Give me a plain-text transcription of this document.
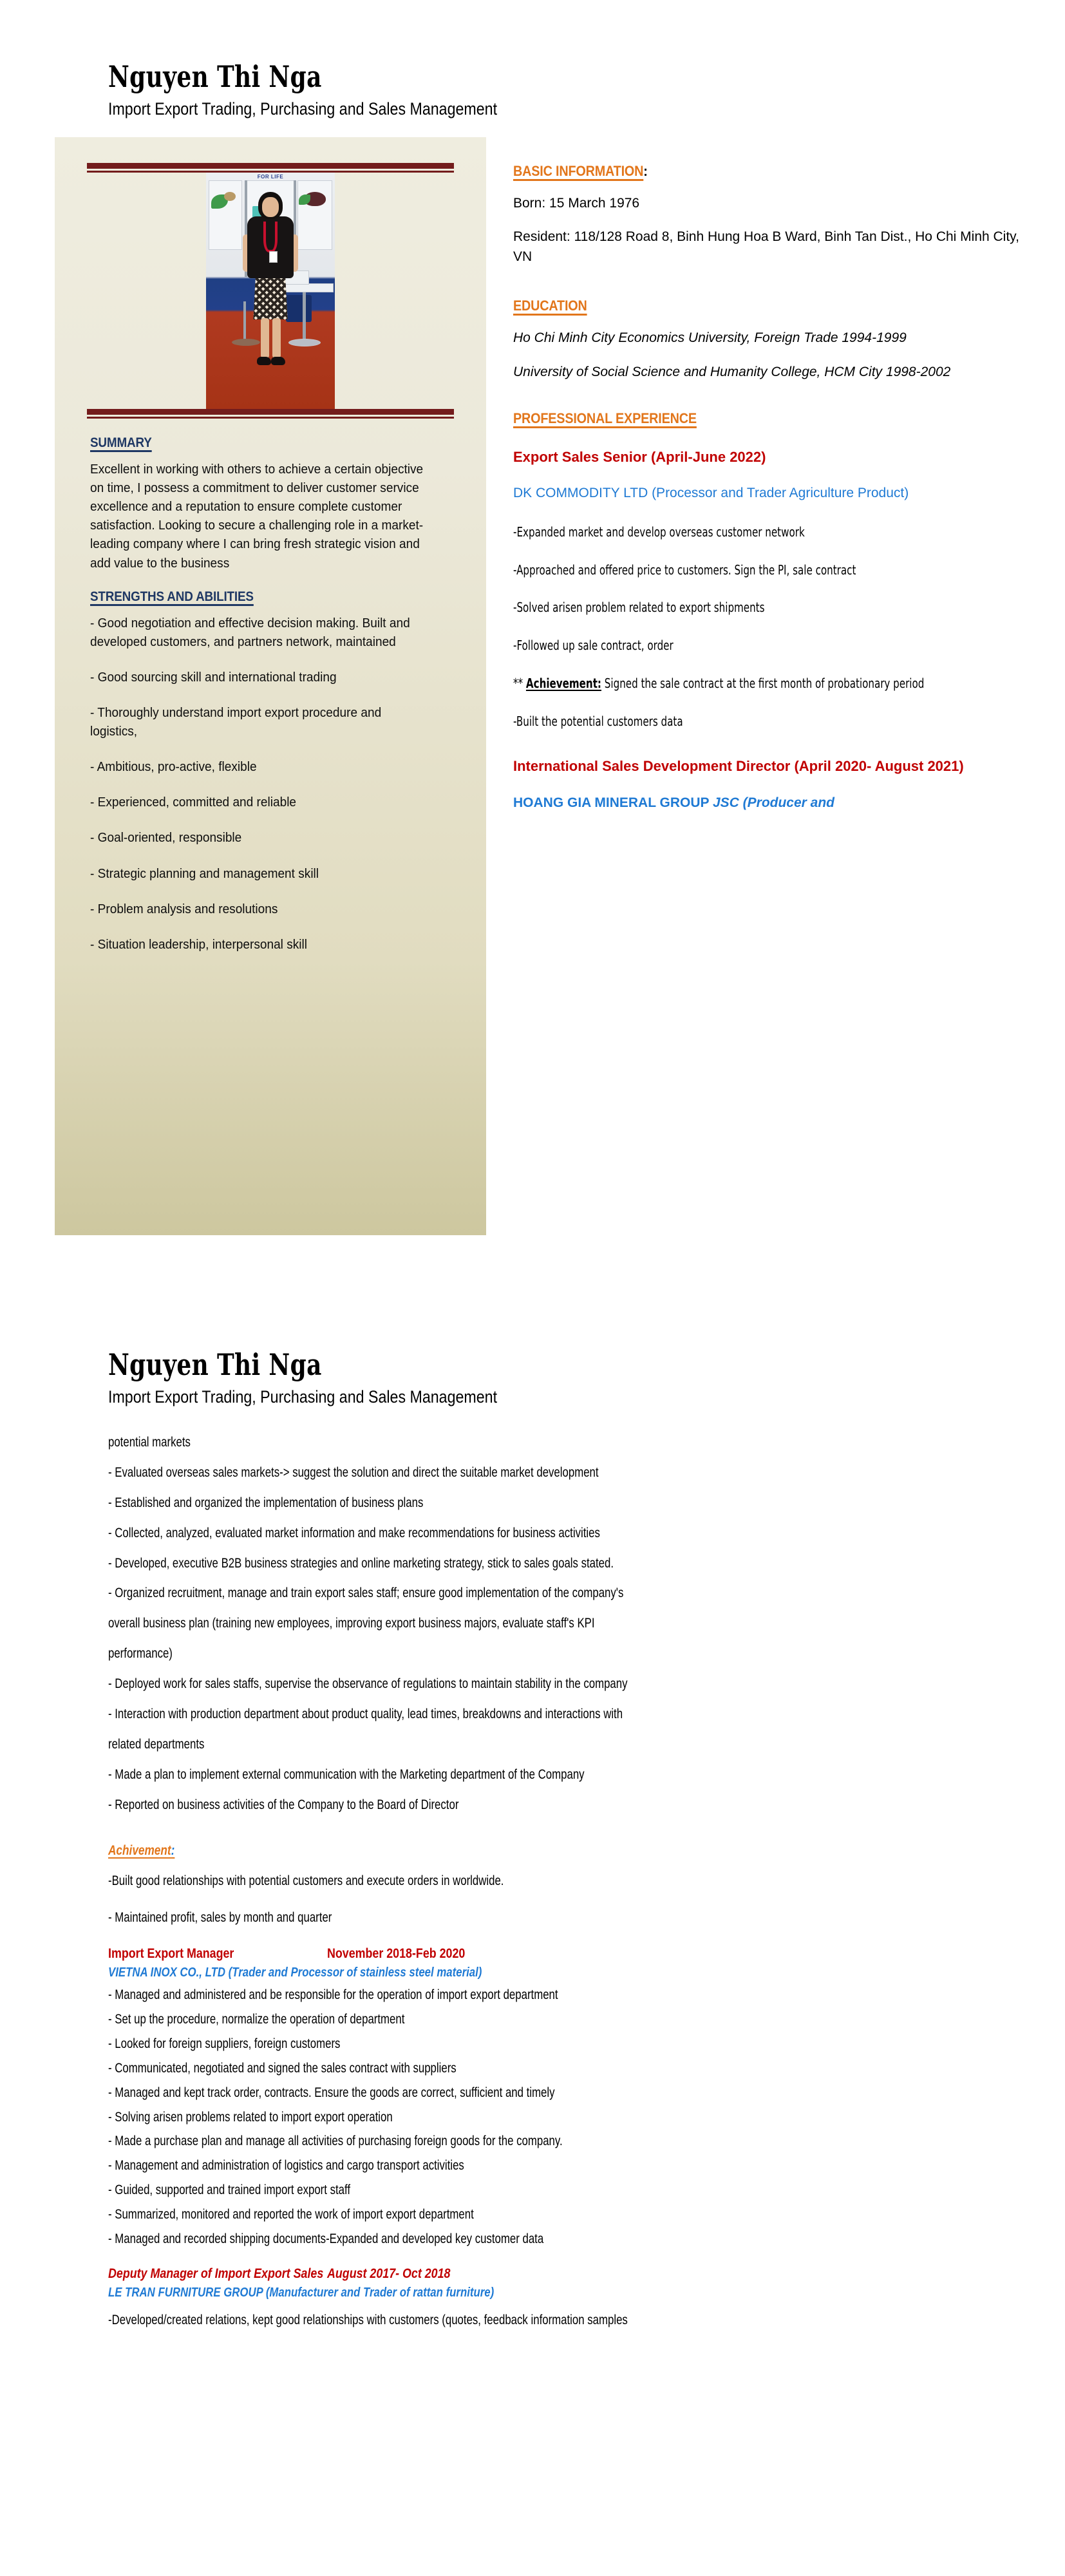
Nguyen Thi Nga
Import Export Trading, Purchasing and Sales Management
FOR LIFE
SUMMARY
Excellent in working with others to achieve a certain objective on time, I possess a commitment to deliver customer service excellence and a reputation to ensure complete customer satisfaction. Looking to secure a challenging role in a market-leading company where I can bring fresh strategic vision and add value to the business
STRENGTHS AND ABILITIES
- Good negotiation and effective decision making. Built and developed customers, and partners network, maintained
- Good sourcing skill and international trading
- Thoroughly understand import export procedure and logistics,
- Ambitious, pro-active, flexible
- Experienced, committed and reliable
- Goal-oriented, responsible
- Strategic planning and management skill
- Problem analysis and resolutions
- Situation leadership, interpersonal skill
BASIC INFORMATION:
Born: 15 March 1976
Resident: 118/128 Road 8, Binh Hung Hoa B Ward, Binh Tan Dist., Ho Chi Minh City, VN
EDUCATION
Ho Chi Minh City Economics University, Foreign Trade 1994-1999
University of Social Science and Humanity College, HCM City 1998-2002
PROFESSIONAL EXPERIENCE
Export Sales Senior (April-June 2022)
DK COMMODITY LTD (Processor and Trader Agriculture Product)
-Expanded market and develop overseas customer network
-Approached and offered price to customers. Sign the PI, sale contract
-Solved arisen problem related to export shipments
-Followed up sale contract, order
** Achievement: Signed the sale contract at the first month of probationary period
-Built the potential customers data
International Sales Development Director (April 2020- August 2021)
HOANG GIA MINERAL GROUP JSC (Producer and
Nguyen Thi Nga
Import Export Trading, Purchasing and Sales Management
potential markets
- Evaluated overseas sales markets-> suggest the solution and direct the suitable market development
- Established and organized the implementation of business plans
- Collected, analyzed, evaluated market information and make recommendations for business activities
- Developed, executive B2B business strategies and online marketing strategy, stick to sales goals stated.
- Organized recruitment, manage and train export sales staff; ensure good implementation of the company's
overall business plan (training new employees, improving export business majors, evaluate staff's KPI
performance)
- Deployed work for sales staffs, supervise the observance of regulations to maintain stability in the company
- Interaction with production department about product quality, lead times, breakdowns and interactions with
related departments
- Made a plan to implement external communication with the Marketing department of the Company
- Reported on business activities of the Company to the Board of Director
Achivement:
-Built good relationships with potential customers and execute orders in worldwide.
- Maintained profit, sales by month and quarter
Import Export Manager	November 2018-Feb 2020
VIETNA INOX CO., LTD (Trader and Processor of stainless steel material)
- Managed and administered and be responsible for the operation of import export department
- Set up the procedure, normalize the operation of department
- Looked for foreign suppliers, foreign customers
- Communicated, negotiated and signed the sales contract with suppliers
- Managed and kept track order, contracts. Ensure the goods are correct, sufficient and timely
- Solving arisen problems related to import export operation
- Made a purchase plan and manage all activities of purchasing foreign goods for the company.
- Management and administration of logistics and cargo transport activities
- Guided, supported and trained import export staff
- Summarized, monitored and reported the work of import export department
- Managed and recorded shipping documents-Expanded and developed key customer data
Deputy Manager of Import Export Sales August 2017- Oct 2018
LE TRAN FURNITURE GROUP (Manufacturer and Trader of rattan furniture)
-Developed/created relations, kept good relationships with customers (quotes, feedback information samples
